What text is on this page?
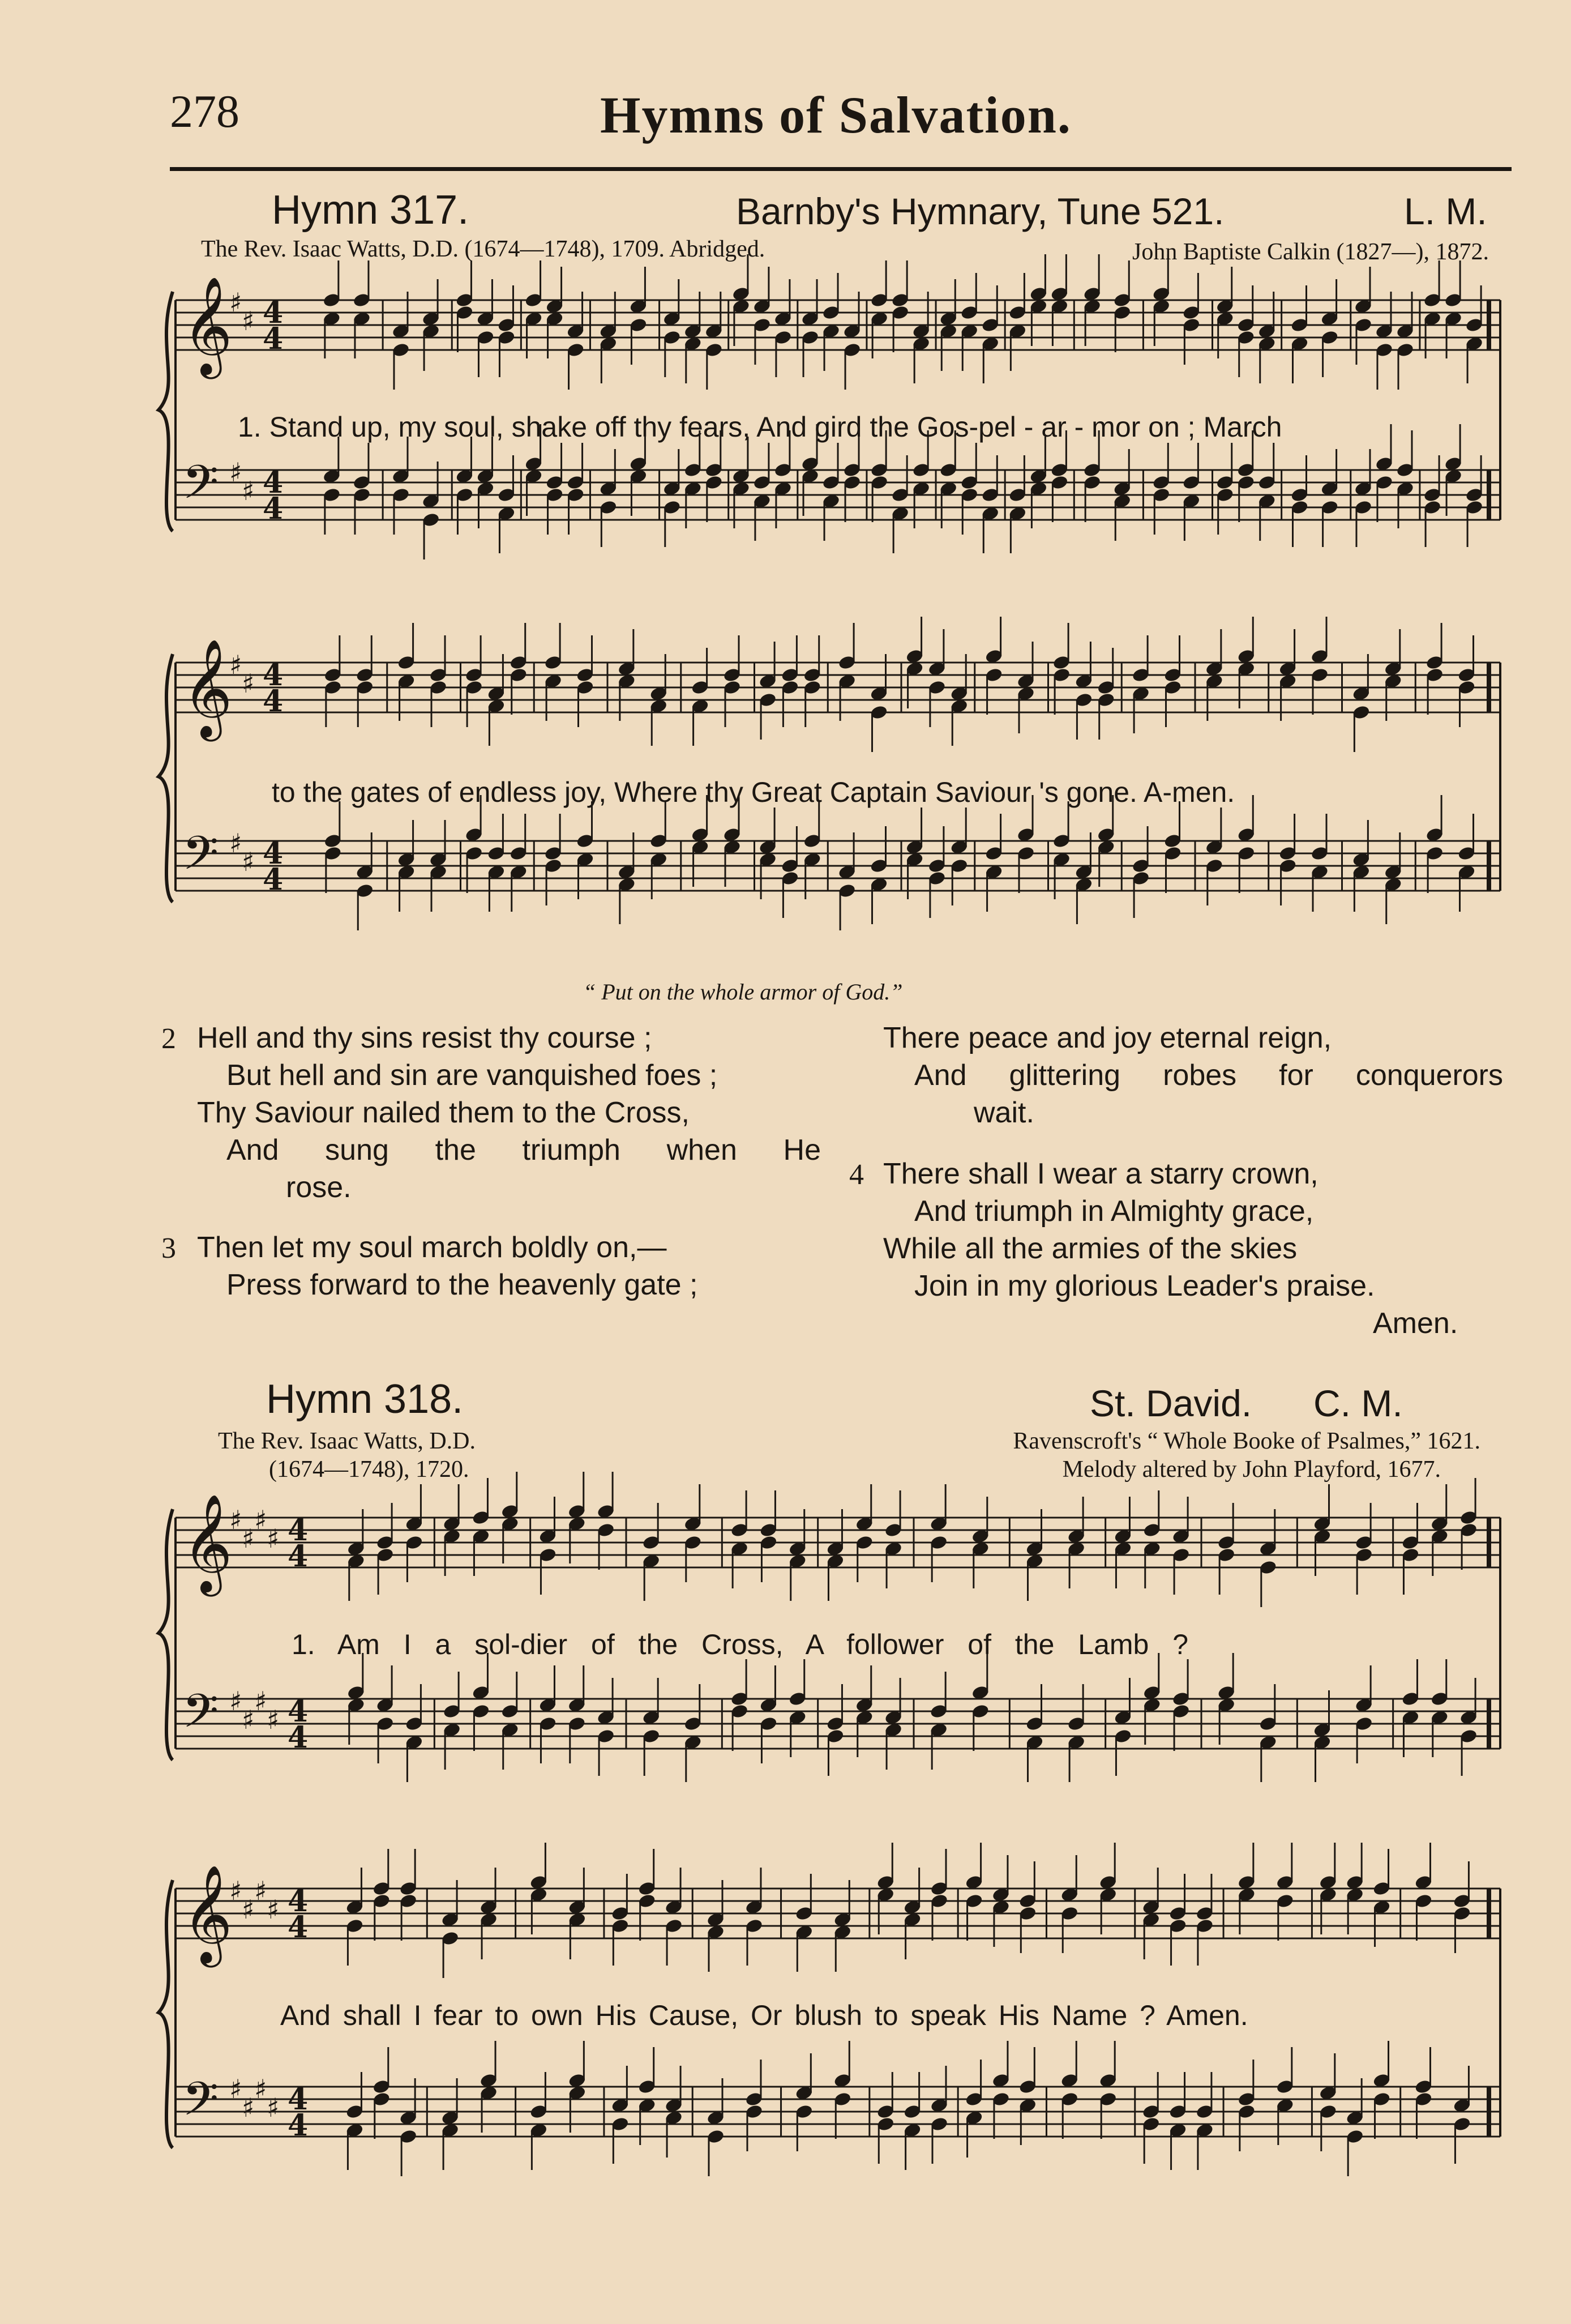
278	Hymns of Salvation.
Hymn 317.	Barnby's Hymnary, Tune 521.	L. M.
The Rev. Isaac Watts, D.D. (1674—1748), 1709. Abridged.	John Baptiste Calkin (1827—), 1872.
𝄞
♯
♯ 4
4
𝄢 ♯
♯ 4
4
1. Stand up, my soul, shake off thy fears, And gird the Gos-pel - ar - mor on ; March
𝄞
♯
♯ 4
4
𝄢 ♯
♯ 4
4
to the gates of endless joy, Where thy Great Captain Saviour 's gone. A-men.
“ Put on the whole armor of God.”
2 Hell and thy sins resist thy course ;
But hell and sin are vanquished foes ;
Thy Saviour nailed them to the Cross,
And sung the triumph when He
rose.
3 Then let my soul march boldly on,—
Press forward to the heavenly gate ;
There peace and joy eternal reign,
And glittering robes for conquerors
wait.
4 There shall I wear a starry crown,
And triumph in Almighty grace,
While all the armies of the skies
Join in my glorious Leader's praise.
Amen.
Hymn 318.	St. David. C. M.
The Rev. Isaac Watts, D.D.
(1674—1748), 1720.
Ravenscroft's “ Whole Booke of Psalmes,” 1621.
Melody altered by John Playford, 1677.
𝄞
♯
♯
♯
♯ 4
4
𝄢 ♯
♯
♯
♯ 4
4
1. Am I a sol-dier of the Cross, A follower of the Lamb ?
𝄞
♯
♯
♯
♯ 4
4
𝄢 ♯
♯
♯
♯ 4
4
And shall I fear to own His Cause, Or blush to speak His Name ? Amen.
